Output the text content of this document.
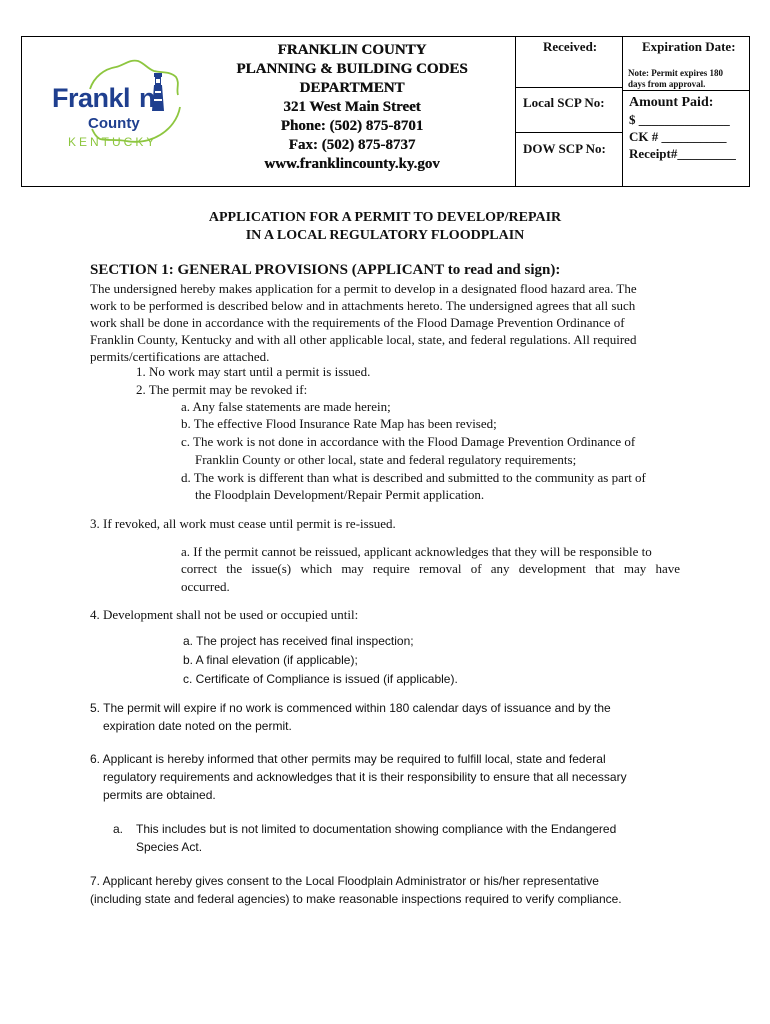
Frankl n
County
KENTUCKY
FRANKLIN COUNTY
PLANNING & BUILDING CODES
DEPARTMENT
321 West Main Street
Phone: (502) 875-8701
Fax: (502) 875-8737
www.franklincounty.ky.gov
Received:	Expiration Date:
Note: Permit expires 180
days from approval.
Local SCP No:
DOW SCP No:
Amount Paid:
$ ______________
CK # __________
Receipt#_________
APPLICATION FOR A PERMIT TO DEVELOP/REPAIR
IN A LOCAL REGULATORY FLOODPLAIN
SECTION 1: GENERAL PROVISIONS (APPLICANT to read and sign):
The undersigned hereby makes application for a permit to develop in a designated flood hazard area. The
work to be performed is described below and in attachments hereto. The undersigned agrees that all such
work shall be done in accordance with the requirements of the Flood Damage Prevention Ordinance of
Franklin County, Kentucky and with all other applicable local, state, and federal regulations. All required
permits/certifications are attached.
1. No work may start until a permit is issued.
2. The permit may be revoked if:
a. Any false statements are made herein;
b. The effective Flood Insurance Rate Map has been revised;
c. The work is not done in accordance with the Flood Damage Prevention Ordinance of
Franklin County or other local, state and federal regulatory requirements;
d. The work is different than what is described and submitted to the community as part of
the Floodplain Development/Repair Permit application.
3. If revoked, all work must cease until permit is re-issued.
a. If the permit cannot be reissued, applicant acknowledges that they will be responsible to
correct the issue(s) which may require removal of any development that may have
occurred.
4. Development shall not be used or occupied until:
a. The project has received final inspection;
b. A final elevation (if applicable);
c. Certificate of Compliance is issued (if applicable).
5. The permit will expire if no work is commenced within 180 calendar days of issuance and by the
expiration date noted on the permit.
6. Applicant is hereby informed that other permits may be required to fulfill local, state and federal
regulatory requirements and acknowledges that it is their responsibility to ensure that all necessary
permits are obtained.
a. This includes but is not limited to documentation showing compliance with the Endangered
Species Act.
7. Applicant hereby gives consent to the Local Floodplain Administrator or his/her representative
(including state and federal agencies) to make reasonable inspections required to verify compliance.
